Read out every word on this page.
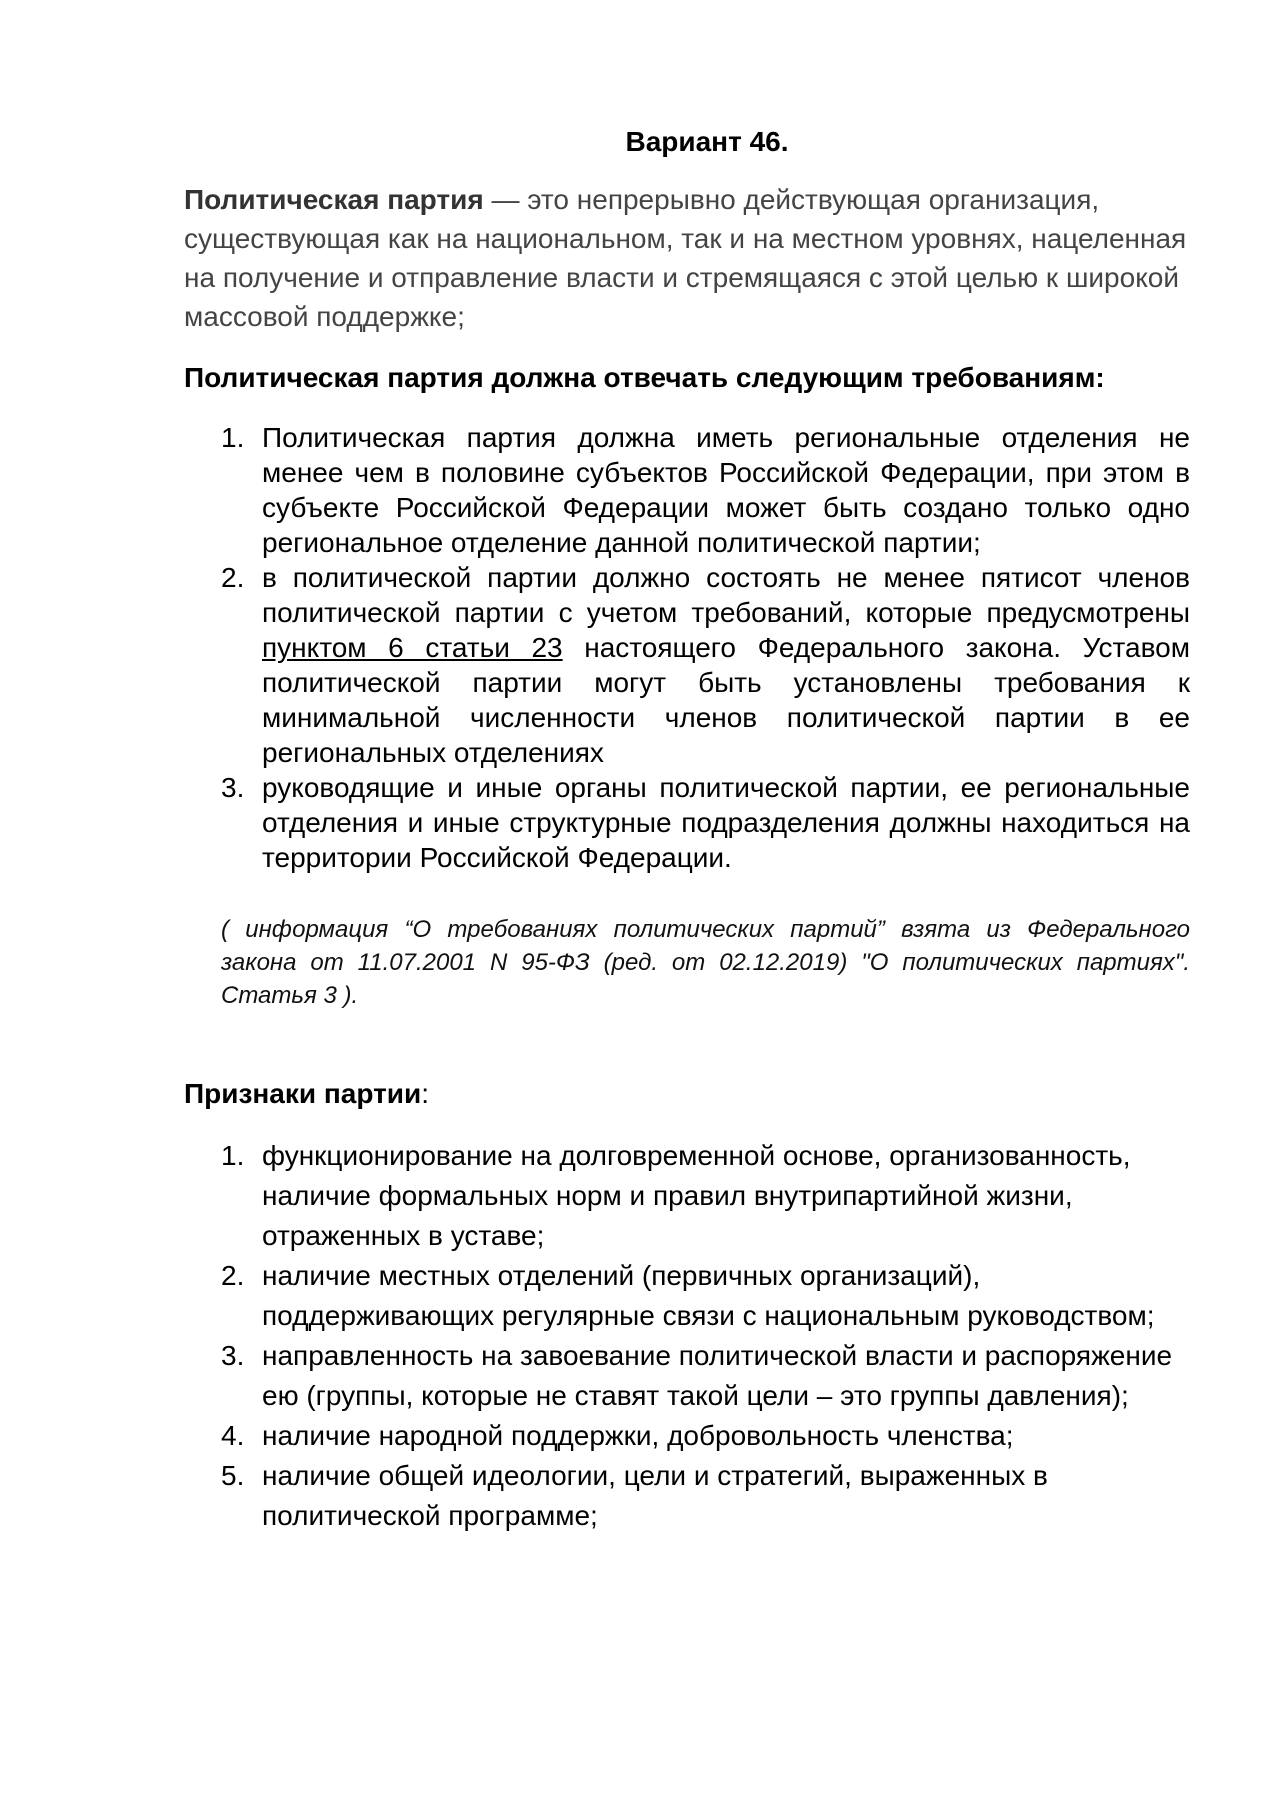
Вариант 46.

Политическая партия — это непрерывно действующая организация, существующая как на национальном, так и на местном уровнях, нацеленная на получение и отправление власти и стремящаяся с этой целью к широкой массовой поддержке;

Политическая партия должна отвечать следующим требованиям:
1. Политическая партия должна иметь региональные отделения не менее чем в половине субъектов Российской Федерации, при этом в субъекте Российской Федерации может быть создано только одно региональное отделение данной политической партии;
2. в политической партии должно состоять не менее пятисот членов политической партии с учетом требований, которые предусмотрены пунктом 6 статьи 23 настоящего Федерального закона. Уставом политической партии могут быть установлены требования к минимальной численности членов политической партии в ее региональных отделениях
3. руководящие и иные органы политической партии, ее региональные отделения и иные структурные подразделения должны находиться на территории Российской Федерации.

( информация “О требованиях политических партий” взята из Федерального закона от 11.07.2001 N 95-ФЗ (ред. от 02.12.2019) "О политических партиях". Статья 3 ).

Признаки партии:
1. функционирование на долговременной основе, организованность, наличие формальных норм и правил внутрипартийной жизни, отраженных в уставе;
2. наличие местных отделений (первичных организаций), поддерживающих регулярные связи с национальным руководством;
3. направленность на завоевание политической власти и распоряжение ею (группы, которые не ставят такой цели – это группы давления);
4. наличие народной поддержки, добровольность членства;
5. наличие общей идеологии, цели и стратегий, выраженных в политической программе;
